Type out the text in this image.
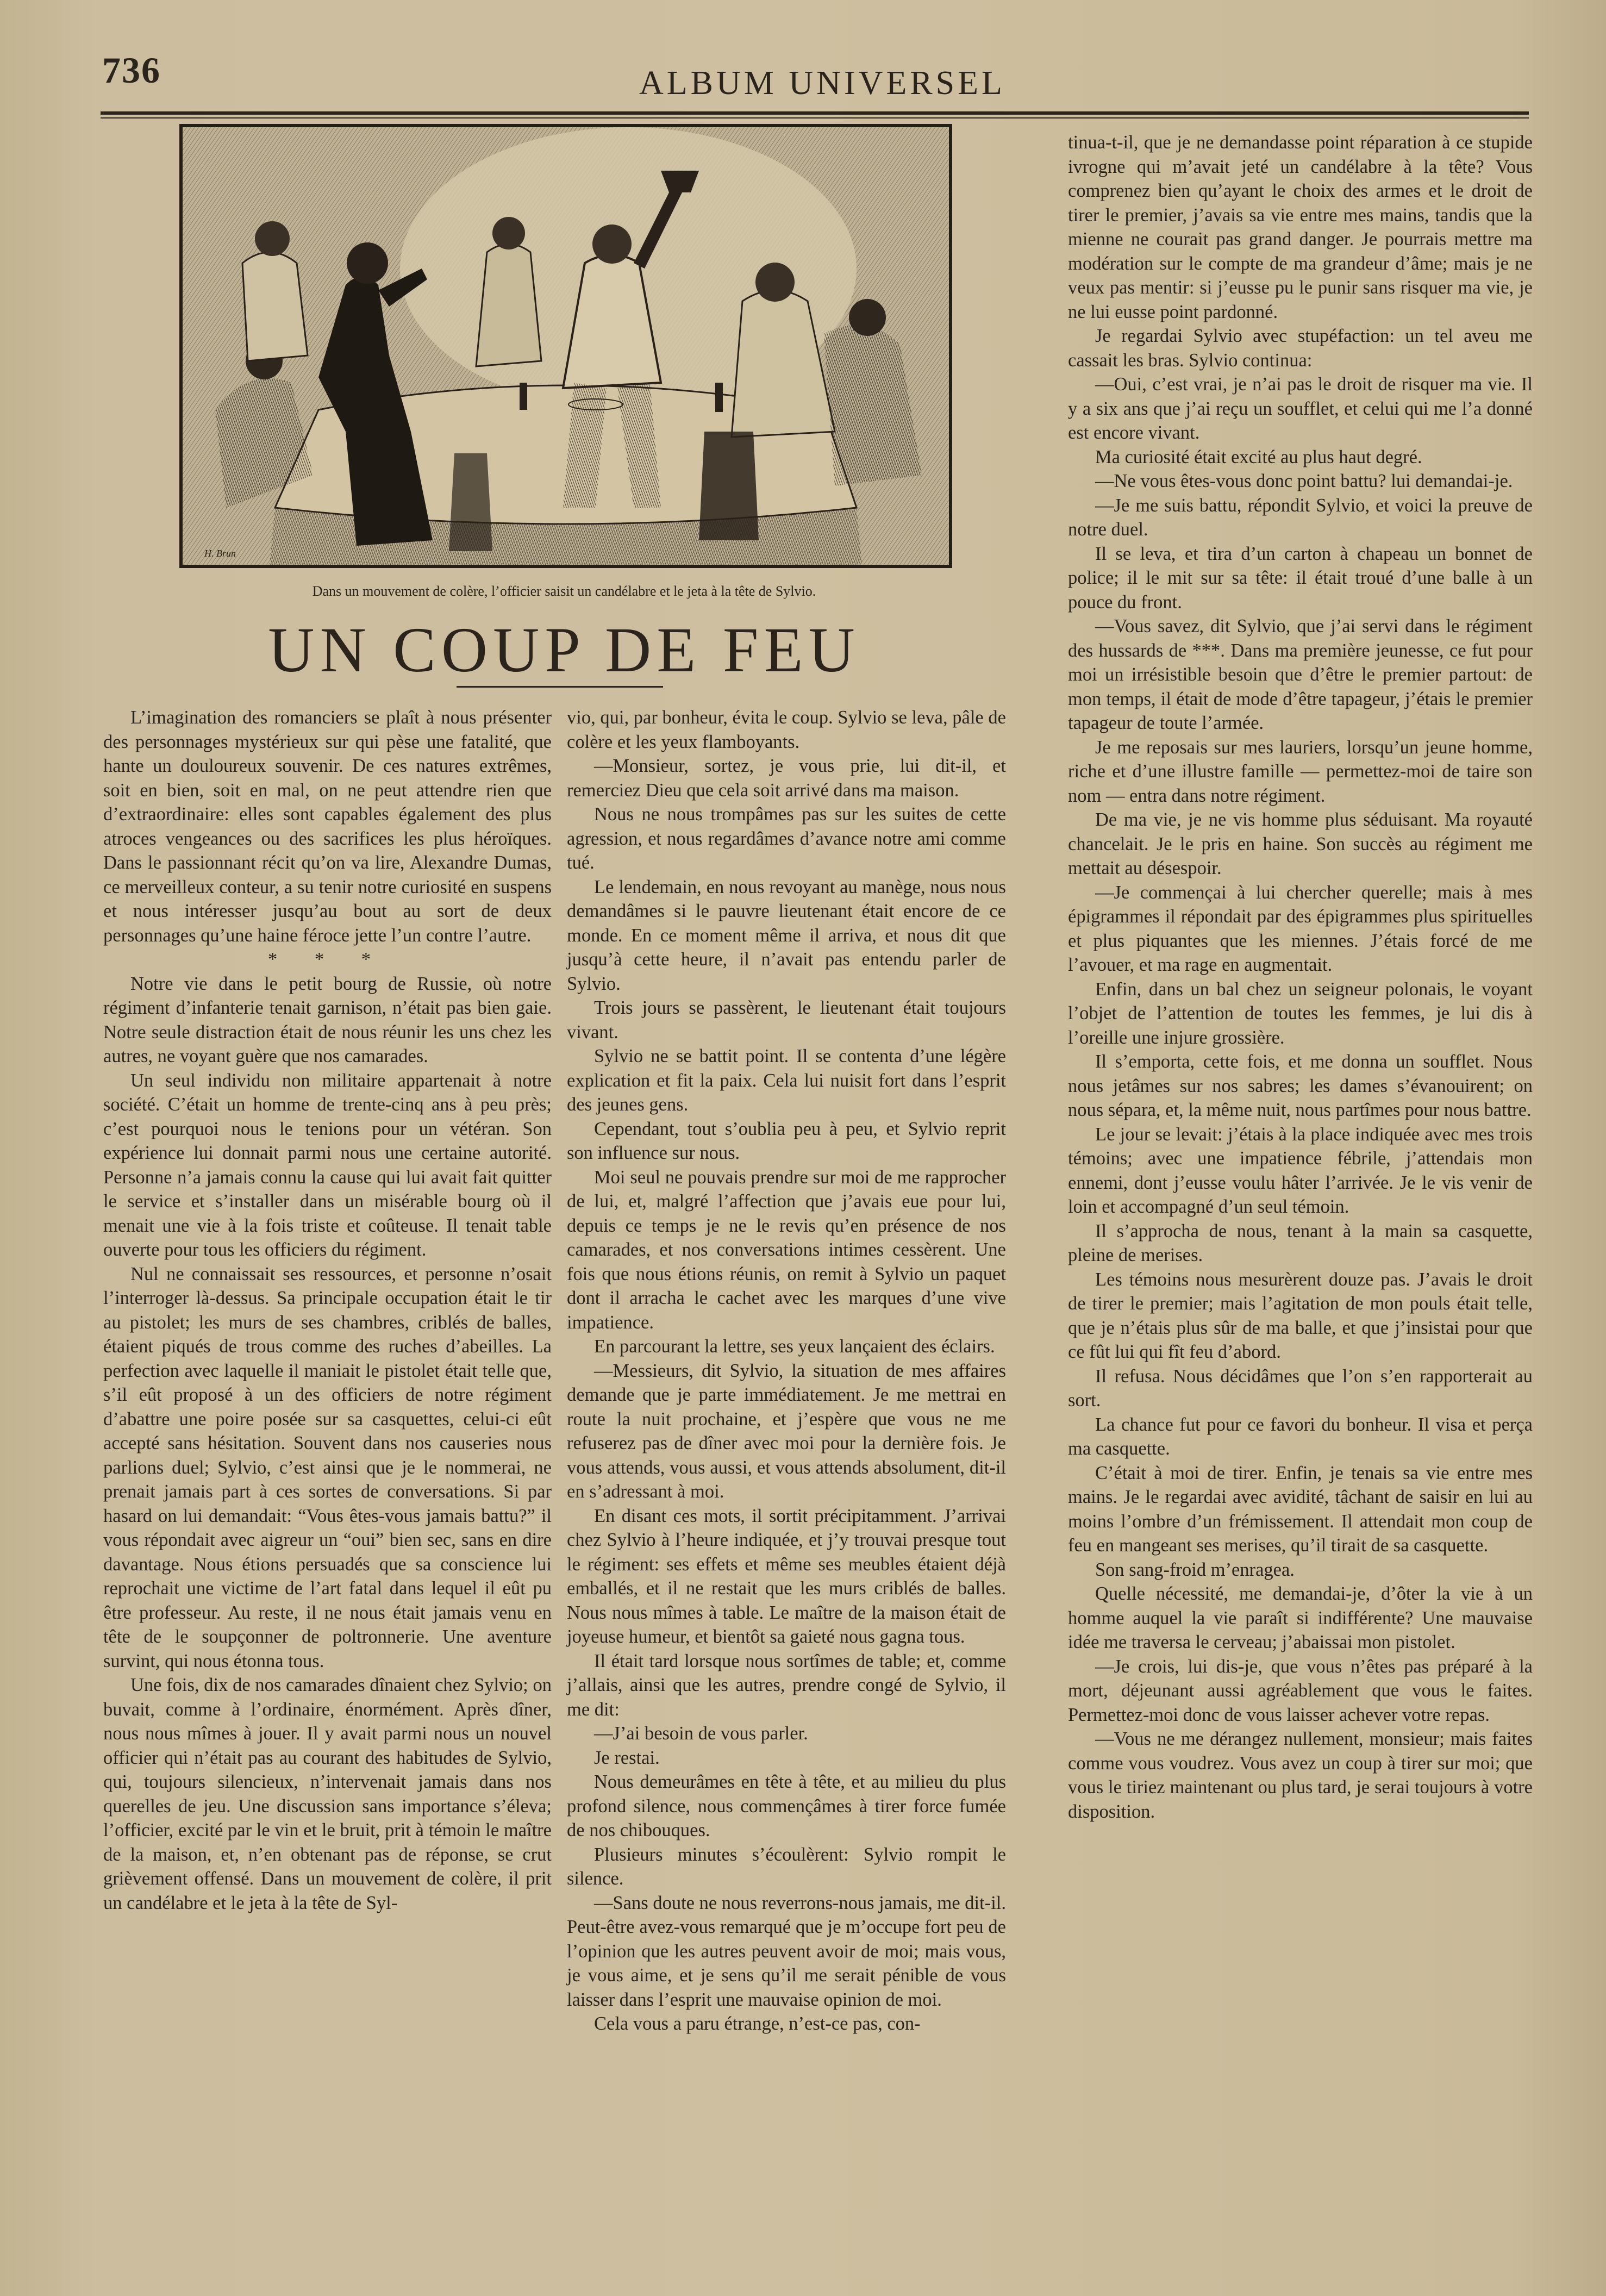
736	ALBUM UNIVERSEL
H. Brun
Dans un mouvement de colère, l’officier saisit un candélabre et le jeta à la tête de Sylvio.
UN COUP DE FEU

L’imagination des romanciers se plaît à nous présenter des personnages mystérieux sur qui pèse une fatalité, que hante un douloureux souvenir. De ces natures extrêmes, soit en bien, soit en mal, on ne peut attendre rien que d’extraordinaire: elles sont capables également des plus atroces vengeances ou des sacrifices les plus héroïques. Dans le passionnant récit qu’on va lire, Alexandre Dumas, ce merveilleux conteur, a su tenir notre curiosité en suspens et nous intéresser jusqu’au bout au sort de deux personnages qu’une haine féroce jette l’un contre l’autre.

* * *

Notre vie dans le petit bourg de Russie, où notre régiment d’infanterie tenait garnison, n’était pas bien gaie. Notre seule distraction était de nous réunir les uns chez les autres, ne voyant guère que nos camarades.

Un seul individu non militaire appartenait à notre société. C’était un homme de trente-cinq ans à peu près; c’est pourquoi nous le tenions pour un vétéran. Son expérience lui donnait parmi nous une certaine autorité. Personne n’a jamais connu la cause qui lui avait fait quitter le service et s’installer dans un misérable bourg où il menait une vie à la fois triste et coûteuse. Il tenait table ouverte pour tous les officiers du régiment.

Nul ne connaissait ses ressources, et personne n’osait l’interroger là-dessus. Sa principale occupation était le tir au pistolet; les murs de ses chambres, criblés de balles, étaient piqués de trous comme des ruches d’abeilles. La perfection avec laquelle il maniait le pistolet était telle que, s’il eût proposé à un des officiers de notre régiment d’abattre une poire posée sur sa casquettes, celui-ci eût accepté sans hésitation. Souvent dans nos causeries nous parlions duel; Sylvio, c’est ainsi que je le nommerai, ne prenait jamais part à ces sortes de conversations. Si par hasard on lui demandait: “Vous êtes-vous jamais battu?” il vous répondait avec aigreur un “oui” bien sec, sans en dire davantage. Nous étions persuadés que sa conscience lui reprochait une victime de l’art fatal dans lequel il eût pu être professeur. Au reste, il ne nous était jamais venu en tête de le soupçonner de poltronnerie. Une aventure survint, qui nous étonna tous.

Une fois, dix de nos camarades dînaient chez Sylvio; on buvait, comme à l’ordinaire, énormément. Après dîner, nous nous mîmes à jouer. Il y avait parmi nous un nouvel officier qui n’était pas au courant des habitudes de Sylvio, qui, toujours silencieux, n’intervenait jamais dans nos querelles de jeu. Une discussion sans importance s’éleva; l’officier, excité par le vin et le bruit, prit à témoin le maître de la maison, et, n’en obtenant pas de réponse, se crut grièvement offensé. Dans un mouvement de colère, il prit un candélabre et le jeta à la tête de Syl-

vio, qui, par bonheur, évita le coup. Sylvio se leva, pâle de colère et les yeux flamboyants.

—Monsieur, sortez, je vous prie, lui dit-il, et remerciez Dieu que cela soit arrivé dans ma maison.

Nous ne nous trompâmes pas sur les suites de cette agression, et nous regardâmes d’avance notre ami comme tué.

Le lendemain, en nous revoyant au manège, nous nous demandâmes si le pauvre lieutenant était encore de ce monde. En ce moment même il arriva, et nous dit que jusqu’à cette heure, il n’avait pas entendu parler de Sylvio.

Trois jours se passèrent, le lieutenant était toujours vivant.

Sylvio ne se battit point. Il se contenta d’une légère explication et fit la paix. Cela lui nuisit fort dans l’esprit des jeunes gens.

Cependant, tout s’oublia peu à peu, et Sylvio reprit son influence sur nous.

Moi seul ne pouvais prendre sur moi de me rapprocher de lui, et, malgré l’affection que j’avais eue pour lui, depuis ce temps je ne le revis qu’en présence de nos camarades, et nos conversations intimes cessèrent. Une fois que nous étions réunis, on remit à Sylvio un paquet dont il arracha le cachet avec les marques d’une vive impatience.

En parcourant la lettre, ses yeux lançaient des éclairs.

—Messieurs, dit Sylvio, la situation de mes affaires demande que je parte immédiatement. Je me mettrai en route la nuit prochaine, et j’espère que vous ne me refuserez pas de dîner avec moi pour la dernière fois. Je vous attends, vous aussi, et vous attends absolument, dit-il en s’adressant à moi.

En disant ces mots, il sortit précipitamment. J’arrivai chez Sylvio à l’heure indiquée, et j’y trouvai presque tout le régiment: ses effets et même ses meubles étaient déjà emballés, et il ne restait que les murs criblés de balles. Nous nous mîmes à table. Le maître de la maison était de joyeuse humeur, et bientôt sa gaieté nous gagna tous.

Il était tard lorsque nous sortîmes de table; et, comme j’allais, ainsi que les autres, prendre congé de Sylvio, il me dit:

—J’ai besoin de vous parler.

Je restai.

Nous demeurâmes en tête à tête, et au milieu du plus profond silence, nous commençâmes à tirer force fumée de nos chibouques.

Plusieurs minutes s’écoulèrent: Sylvio rompit le silence.

—Sans doute ne nous reverrons-nous jamais, me dit-il. Peut-être avez-vous remarqué que je m’occupe fort peu de l’opinion que les autres peuvent avoir de moi; mais vous, je vous aime, et je sens qu’il me serait pénible de vous laisser dans l’esprit une mauvaise opinion de moi.

Cela vous a paru étrange, n’est-ce pas, con-

tinua-t-il, que je ne demandasse point réparation à ce stupide ivrogne qui m’avait jeté un candélabre à la tête? Vous comprenez bien qu’ayant le choix des armes et le droit de tirer le premier, j’avais sa vie entre mes mains, tandis que la mienne ne courait pas grand danger. Je pourrais mettre ma modération sur le compte de ma grandeur d’âme; mais je ne veux pas mentir: si j’eusse pu le punir sans risquer ma vie, je ne lui eusse point pardonné.

Je regardai Sylvio avec stupéfaction: un tel aveu me cassait les bras. Sylvio continua:

—Oui, c’est vrai, je n’ai pas le droit de risquer ma vie. Il y a six ans que j’ai reçu un soufflet, et celui qui me l’a donné est encore vivant.

Ma curiosité était excité au plus haut degré.

—Ne vous êtes-vous donc point battu? lui demandai-je.

—Je me suis battu, répondit Sylvio, et voici la preuve de notre duel.

Il se leva, et tira d’un carton à chapeau un bonnet de police; il le mit sur sa tête: il était troué d’une balle à un pouce du front.

—Vous savez, dit Sylvio, que j’ai servi dans le régiment des hussards de ***. Dans ma première jeunesse, ce fut pour moi un irrésistible besoin que d’être le premier partout: de mon temps, il était de mode d’être tapageur, j’étais le premier tapageur de toute l’armée.

Je me reposais sur mes lauriers, lorsqu’un jeune homme, riche et d’une illustre famille — permettez-moi de taire son nom — entra dans notre régiment.

De ma vie, je ne vis homme plus séduisant. Ma royauté chancelait. Je le pris en haine. Son succès au régiment me mettait au désespoir.

—Je commençai à lui chercher querelle; mais à mes épigrammes il répondait par des épigrammes plus spirituelles et plus piquantes que les miennes. J’étais forcé de me l’avouer, et ma rage en augmentait.

Enfin, dans un bal chez un seigneur polonais, le voyant l’objet de l’attention de toutes les femmes, je lui dis à l’oreille une injure grossière.

Il s’emporta, cette fois, et me donna un soufflet. Nous nous jetâmes sur nos sabres; les dames s’évanouirent; on nous sépara, et, la même nuit, nous partîmes pour nous battre.

Le jour se levait: j’étais à la place indiquée avec mes trois témoins; avec une impatience fébrile, j’attendais mon ennemi, dont j’eusse voulu hâter l’arrivée. Je le vis venir de loin et accompagné d’un seul témoin.

Il s’approcha de nous, tenant à la main sa casquette, pleine de merises.

Les témoins nous mesurèrent douze pas. J’avais le droit de tirer le premier; mais l’agitation de mon pouls était telle, que je n’étais plus sûr de ma balle, et que j’insistai pour que ce fût lui qui fît feu d’abord.

Il refusa. Nous décidâmes que l’on s’en rapporterait au sort.

La chance fut pour ce favori du bonheur. Il visa et perça ma casquette.

C’était à moi de tirer. Enfin, je tenais sa vie entre mes mains. Je le regardai avec avidité, tâchant de saisir en lui au moins l’ombre d’un frémissement. Il attendait mon coup de feu en mangeant ses merises, qu’il tirait de sa casquette.

Son sang-froid m’enragea.

Quelle nécessité, me demandai-je, d’ôter la vie à un homme auquel la vie paraît si indifférente? Une mauvaise idée me traversa le cerveau; j’abaissai mon pistolet.

—Je crois, lui dis-je, que vous n’êtes pas préparé à la mort, déjeunant aussi agréablement que vous le faites. Permettez-moi donc de vous laisser achever votre repas.

—Vous ne me dérangez nullement, monsieur; mais faites comme vous voudrez. Vous avez un coup à tirer sur moi; que vous le tiriez maintenant ou plus tard, je serai toujours à votre disposition.
